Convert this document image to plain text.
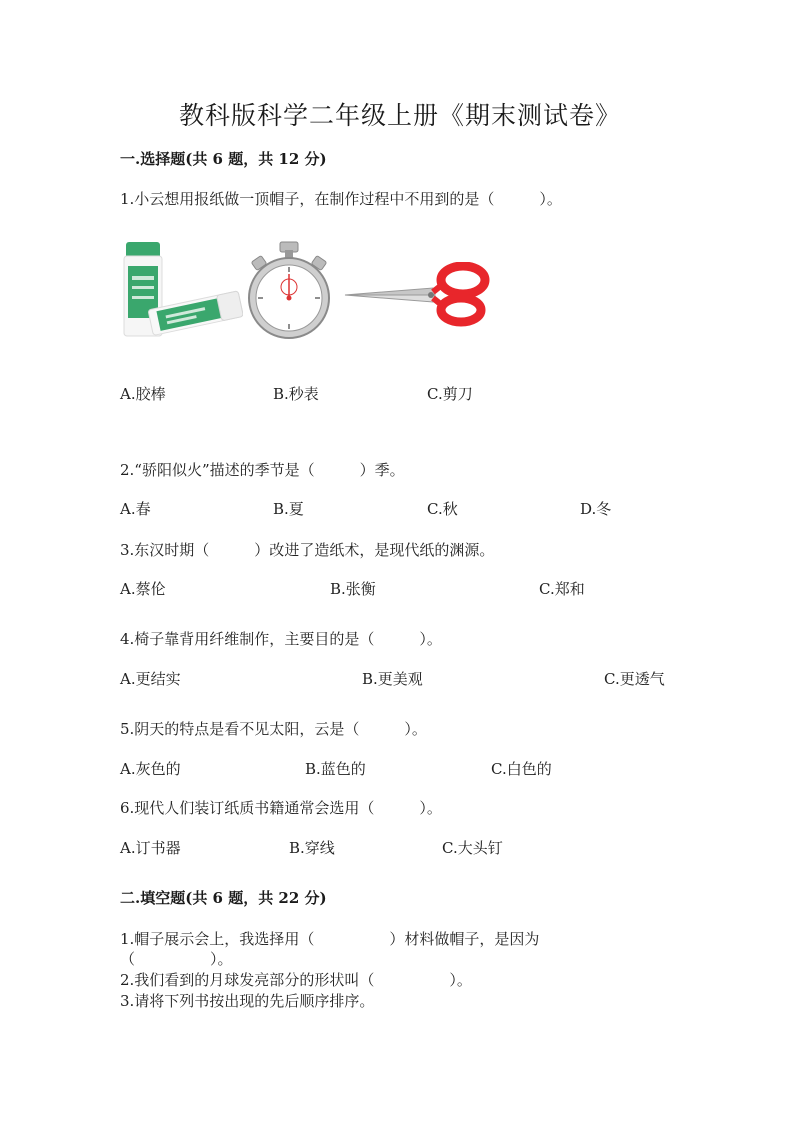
教科版科学二年级上册《期末测试卷》
一.选择题(共 6 题，共 12 分)
1.小云想用报纸做一顶帽子，在制作过程中不用到的是（　　　）。
A.胶棒	B.秒表	C.剪刀
2.“骄阳似火”描述的季节是（　　　）季。
A.春	B.夏	C.秋	D.冬
3.东汉时期（　　　）改进了造纸术，是现代纸的渊源。
A.蔡伦	B.张衡	C.郑和
4.椅子靠背用纤维制作，主要目的是（　　　）。
A.更结实	B.更美观	C.更透气
5.阴天的特点是看不见太阳，云是（　　　）。
A.灰色的	B.蓝色的	C.白色的
6.现代人们装订纸质书籍通常会选用（　　　）。
A.订书器	B.穿线	C.大头钉
二.填空题(共 6 题，共 22 分)
1.帽子展示会上，我选择用（　　　　　）材料做帽子，是因为
（　　　　　）。
2.我们看到的月球发亮部分的形状叫（　　　　　）。
3.请将下列书按出现的先后顺序排序。
